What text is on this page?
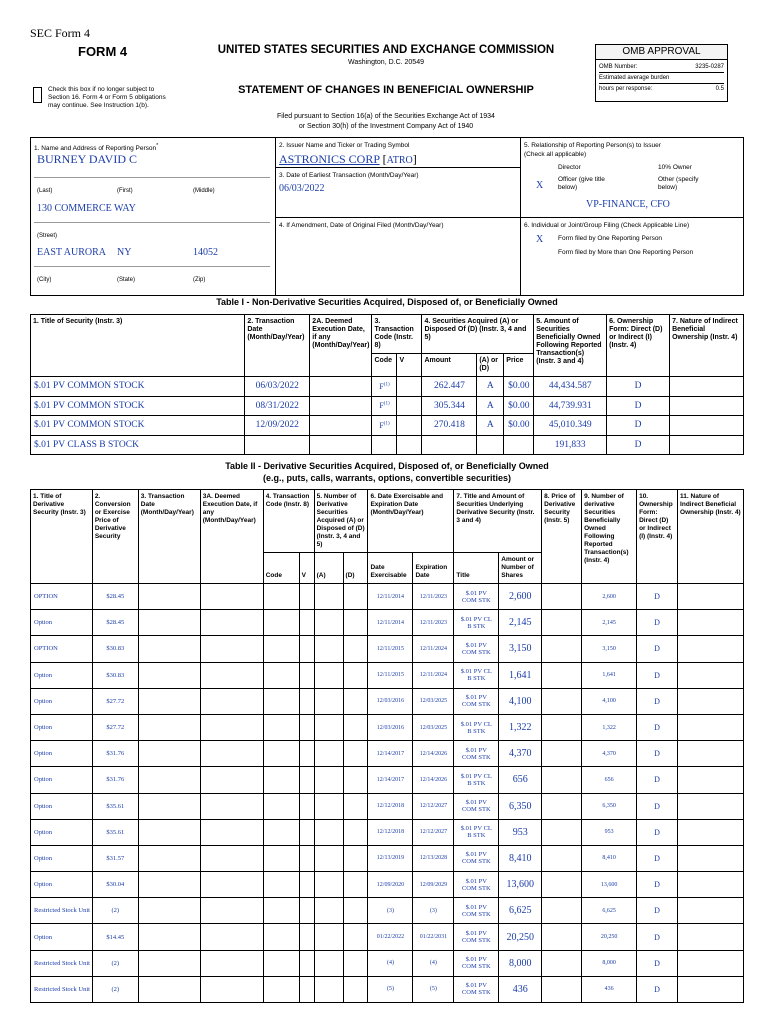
SEC Form 4
FORM 4
Check this box if no longer subject to Section 16. Form 4 or Form 5 obligations may continue. See Instruction 1(b).
UNITED STATES SECURITIES AND EXCHANGE COMMISSION
Washington, D.C. 20549
STATEMENT OF CHANGES IN BENEFICIAL OWNERSHIP
Filed pursuant to Section 16(a) of the Securities Exchange Act of 1934
or Section 30(h) of the Investment Company Act of 1940
OMB APPROVAL
OMB Number:	3235-0287
Estimated average burden
hours per response:	0.5
1. Name and Address of Reporting Person*
BURNEY DAVID C
(Last)	(First)	(Middle)
130 COMMERCE WAY
(Street)
EAST AURORA NY	14052
(City)	(State)	(Zip)
2. Issuer Name and Ticker or Trading Symbol
ASTRONICS CORP [ATRO]
3. Date of Earliest Transaction (Month/Day/Year)
06/03/2022
4. If Amendment, Date of Original Filed (Month/Day/Year)
5. Relationship of Reporting Person(s) to Issuer
(Check all applicable)
Director	10% Owner
X
Officer (give title below)
Other (specify below)
VP-FINANCE, CFO
6. Individual or Joint/Group Filing (Check Applicable Line)
X Form filed by One Reporting Person
Form filed by More than One Reporting Person
Table I - Non-Derivative Securities Acquired, Disposed of, or Beneficially Owned
1. Title of Security (Instr. 3)	2. Transaction Date (Month/Day/Year)	2A. Deemed Execution Date, if any (Month/Day/Year)	3. Transaction Code (Instr. 8)		4. Securities Acquired (A) or Disposed Of (D) (Instr. 3, 4 and 5)			5. Amount of Securities Beneficially Owned Following Reported Transaction(s) (Instr. 3 and 4)	6. Ownership Form: Direct (D) or Indirect (I) (Instr. 4)	7. Nature of Indirect Beneficial Ownership (Instr. 4)
			Code	V	Amount	(A) or (D)	Price			
$.01 PV COMMON STOCK	06/03/2022		$F^{(1)}$		262.447	A	$0.00	44,434.587	D	
$.01 PV COMMON STOCK	08/31/2022		$F^{(1)}$		305.344	A	$0.00	44,739.931	D	
$.01 PV COMMON STOCK	12/09/2022		$F^{(1)}$		270.418	A	$0.00	45,010.349	D	
$.01 PV CLASS B STOCK								191,833	D	
Table II - Derivative Securities Acquired, Disposed of, or Beneficially Owned
(e.g., puts, calls, warrants, options, convertible securities)
1. Title of Derivative Security (Instr. 3)	2. Conversion or Exercise Price of Derivative Security	3. Transaction Date (Month/Day/Year)	3A. Deemed Execution Date, if any (Month/Day/Year)	4. Transaction Code (Instr. 8)		5. Number of Derivative Securities Acquired (A) or Disposed of (D) (Instr. 3, 4 and 5)		6. Date Exercisable and Expiration Date (Month/Day/Year)		7. Title and Amount of Securities Underlying Derivative Security (Instr. 3 and 4)		8. Price of Derivative Security (Instr. 5)	9. Number of derivative Securities Beneficially Owned Following Reported Transaction(s) (Instr. 4)	10. Ownership Form: Direct (D) or Indirect (I) (Instr. 4)	11. Nature of Indirect Beneficial Ownership (Instr. 4)
				Code	V	(A)	(D)	Date Exercisable	Expiration Date	Title	Amount or Number of Shares				
OPTION	$28.45							12/11/2014	12/11/2023	$.01 PV COM STK	2,600		2,600	D	
Option	$28.45							12/11/2014	12/11/2023	$.01 PV CL B STK	2,145		2,145	D	
OPTION	$30.83							12/11/2015	12/11/2024	$.01 PV COM STK	3,150		3,150	D	
Option	$30.83							12/11/2015	12/11/2024	$.01 PV CL B STK	1,641		1,641	D	
Option	$27.72							12/03/2016	12/03/2025	$.01 PV COM STK	4,100		4,100	D	
Option	$27.72							12/03/2016	12/03/2025	$.01 PV CL B STK	1,322		1,322	D	
Option	$31.76							12/14/2017	12/14/2026	$.01 PV COM STK	4,370		4,370	D	
Option	$31.76							12/14/2017	12/14/2026	$.01 PV CL B STK	656		656	D	
Option	$35.61							12/12/2018	12/12/2027	$.01 PV COM STK	6,350		6,350	D	
Option	$35.61							12/12/2018	12/12/2027	$.01 PV CL B STK	953		953	D	
Option	$31.57							12/13/2019	12/13/2028	$.01 PV COM STK	8,410		8,410	D	
Option	$30.04							12/09/2020	12/09/2029	$.01 PV COM STK	13,600		13,600	D	
Restricted Stock Unit	(2)							(3)	(3)	$.01 PV COM STK	6,625		6,625	D	
Option	$14.45							01/22/2022	01/22/2031	$.01 PV COM STK	20,250		20,250	D	
Restricted Stock Unit	(2)							(4)	(4)	$.01 PV COM STK	8,000		8,000	D	
Restricted Stock Unit	(2)							(5)	(5)	$.01 PV COM STK	436		436	D	
